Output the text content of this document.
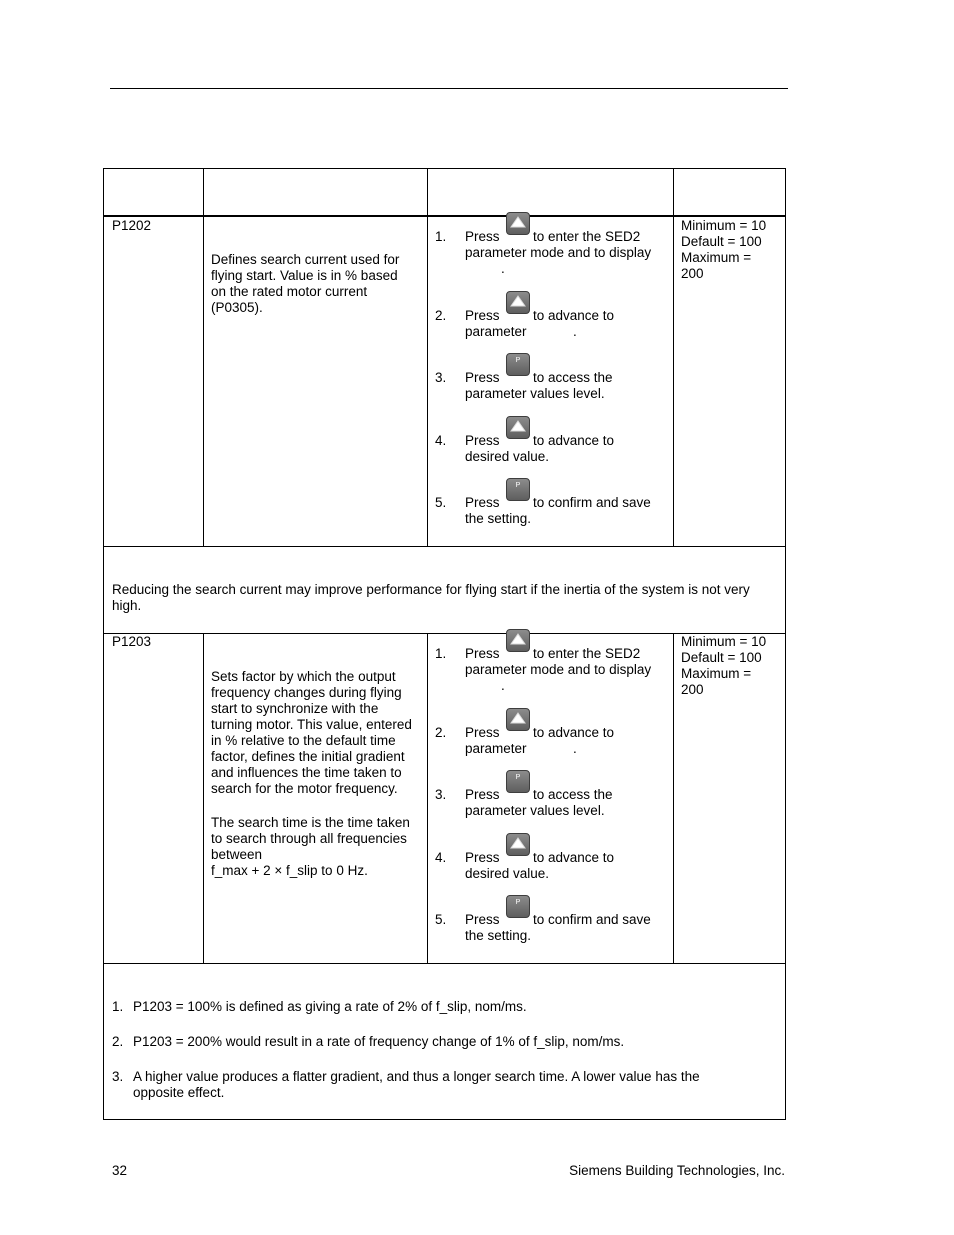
P1202
Defines search current used for flying start. Value is in % based on the rated motor current (P0305).
1. Press to enter the SED2
parameter mode and to display
.
2. Press to advance to
parameter	.
3. Press
P
to access the
parameter values level.
4. Press to advance to
desired value.
5. Press
P
to confirm and save
the setting.
Minimum = 10
Default = 100
Maximum =
200
Reducing the search current may improve performance for flying start if the inertia of the system is not very high.
P1203
Sets factor by which the output frequency changes during flying start to synchronize with the turning motor. This value, entered in % relative to the default time factor, defines the initial gradient and influences the time taken to search for the motor frequency.
The search time is the time taken to search through all frequencies between
f_max + 2 × f_slip to 0 Hz.
1. Press to enter the SED2
parameter mode and to display
.
2. Press to advance to
parameter	.
3. Press
P
to access the
parameter values level.
4. Press to advance to
desired value.
5. Press
P
to confirm and save
the setting.
Minimum = 10
Default = 100
Maximum =
200
1. P1203 = 100% is defined as giving a rate of 2% of f_slip, nom/ms.
2. P1203 = 200% would result in a rate of frequency change of 1% of f_slip, nom/ms.
3. A higher value produces a flatter gradient, and thus a longer search time. A lower value has the opposite effect.
32	Siemens Building Technologies, Inc.
